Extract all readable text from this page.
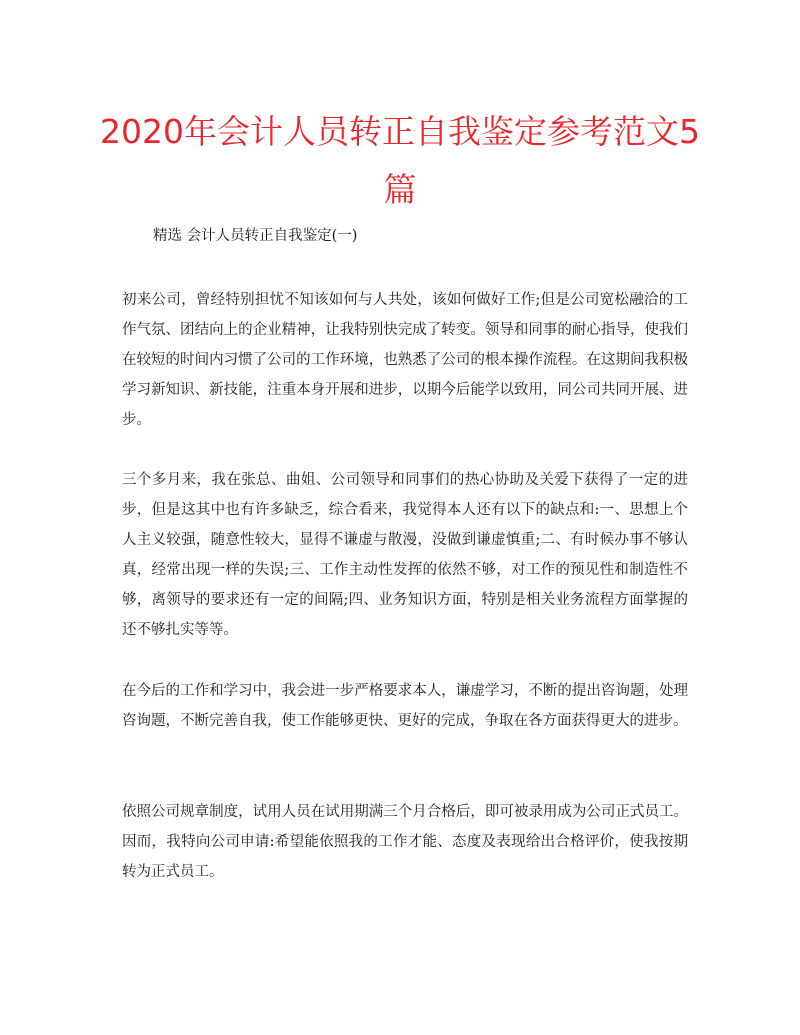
2020年会计人员转正自我鉴定参考范文5篇

精选 会计人员转正自我鉴定(一)

初来公司，曾经特别担忧不知该如何与人共处，该如何做好工作;但是公司宽松融洽的工作气氛、团结向上的企业精神，让我特别快完成了转变。领导和同事的耐心指导，使我们在较短的时间内习惯了公司的工作环境，也熟悉了公司的根本操作流程。在这期间我积极学习新知识、新技能，注重本身开展和进步，以期今后能学以致用，同公司共同开展、进步。

三个多月来，我在张总、曲姐、公司领导和同事们的热心协助及关爱下获得了一定的进步，但是这其中也有许多缺乏，综合看来，我觉得本人还有以下的缺点和:一、思想上个人主义较强，随意性较大，显得不谦虚与散漫，没做到谦虚慎重;二、有时候办事不够认真，经常出现一样的失误;三、工作主动性发挥的依然不够，对工作的预见性和制造性不够，离领导的要求还有一定的间隔;四、业务知识方面，特别是相关业务流程方面掌握的还不够扎实等等。

在今后的工作和学习中，我会进一步严格要求本人，谦虚学习，不断的提出咨询题，处理咨询题，不断完善自我，使工作能够更快、更好的完成，争取在各方面获得更大的进步。

依照公司规章制度，试用人员在试用期满三个月合格后，即可被录用成为公司正式员工。因而，我特向公司申请:希望能依照我的工作才能、态度及表现给出合格评价，使我按期转为正式员工。
